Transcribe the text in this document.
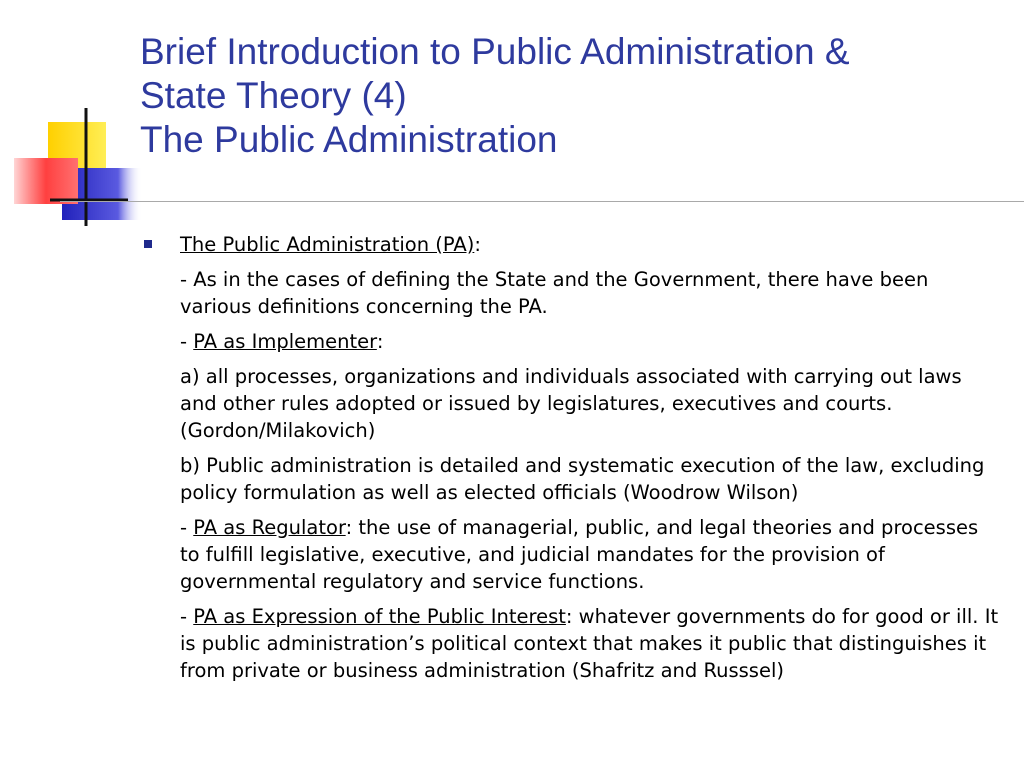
Brief Introduction to Public Administration &
State Theory (4)
The Public Administration

The Public Administration (PA):

- As in the cases of defining the State and the Government, there have been various definitions concerning the PA.

- PA as Implementer:

a) all processes, organizations and individuals associated with carrying out laws and other rules adopted or issued by legislatures, executives and courts. (Gordon/Milakovich)

b) Public administration is detailed and systematic execution of the law, excluding policy formulation as well as elected officials (Woodrow Wilson)

- PA as Regulator: the use of managerial, public, and legal theories and processes to fulfill legislative, executive, and judicial mandates for the provision of governmental regulatory and service functions.

- PA as Expression of the Public Interest: whatever governments do for good or ill. It is public administration’s political context that makes it public that distinguishes it from private or business administration (Shafritz and Russsel)
